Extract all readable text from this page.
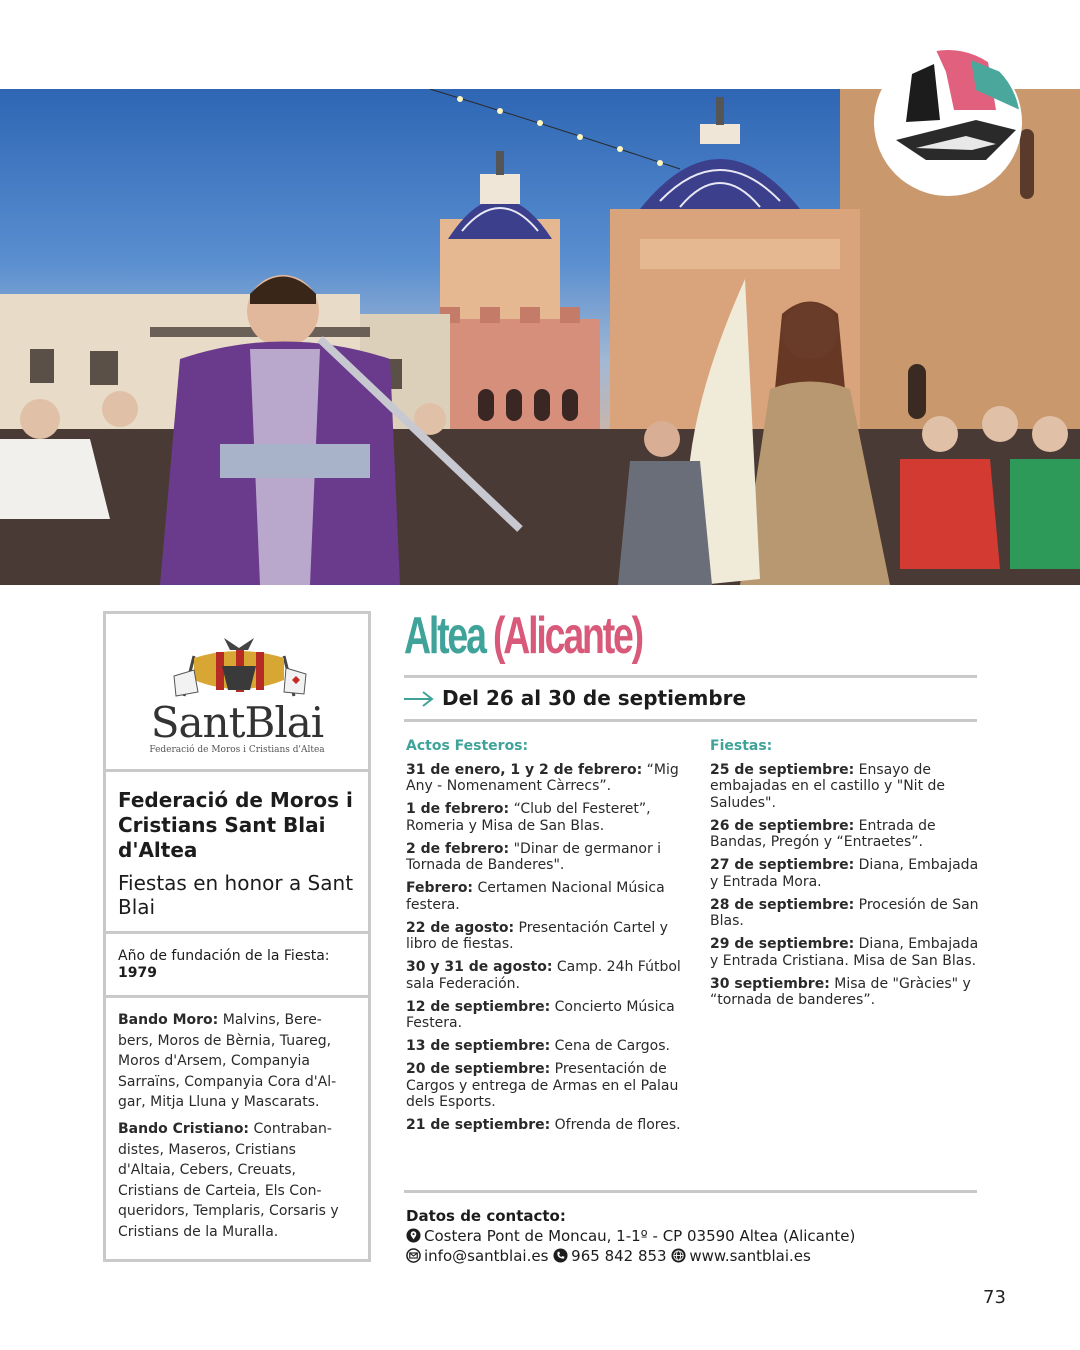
SantBlai
Federació de Moros i Cristians d'Altea
Federació de Moros i Cristians Sant Blai d'Altea
Fiestas en honor a Sant Blai
Año de fundación de la Fiesta: 1979
Bando Moro: Malvins, Bere-bers, Moros de Bèrnia, Tuareg, Moros d'Arsem, Companyia Sarraïns, Companyia Cora d'Al-gar, Mitja Lluna y Mascarats.
Bando Cristiano: Contraban-distes, Maseros, Cristians d'Altaia, Cebers, Creuats, Cristians de Carteia, Els Con-queridors, Templaris, Corsaris y Cristians de la Muralla.
Altea (Alicante)
Del 26 al 30 de septiembre
Actos Festeros:
31 de enero, 1 y 2 de febrero: “Mig Any - Nomenament Càrrecs”.
1 de febrero: “Club del Festeret”, Romeria y Misa de San Blas.
2 de febrero: "Dinar de germanor i Tornada de Banderes".
Febrero: Certamen Nacional Música festera.
22 de agosto: Presentación Cartel y libro de fiestas.
30 y 31 de agosto: Camp. 24h Fútbol sala Federación.
12 de septiembre: Concierto Música Festera.
13 de septiembre: Cena de Cargos.
20 de septiembre: Presentación de Cargos y entrega de Armas en el Palau dels Esports.
21 de septiembre: Ofrenda de flores.
Fiestas:
25 de septiembre: Ensayo de embajadas en el castillo y "Nit de Saludes".
26 de septiembre: Entrada de Bandas, Pregón y “Entraetes”.
27 de septiembre: Diana, Embajada y Entrada Mora.
28 de septiembre: Procesión de San Blas.
29 de septiembre: Diana, Embajada y Entrada Cristiana. Misa de San Blas.
30 septiembre: Misa de "Gràcies" y “tornada de banderes”.
Datos de contacto:
Costera Pont de Moncau, 1-1º - CP 03590 Altea (Alicante)
info@santblai.es 965 842 853 www.santblai.es
73
